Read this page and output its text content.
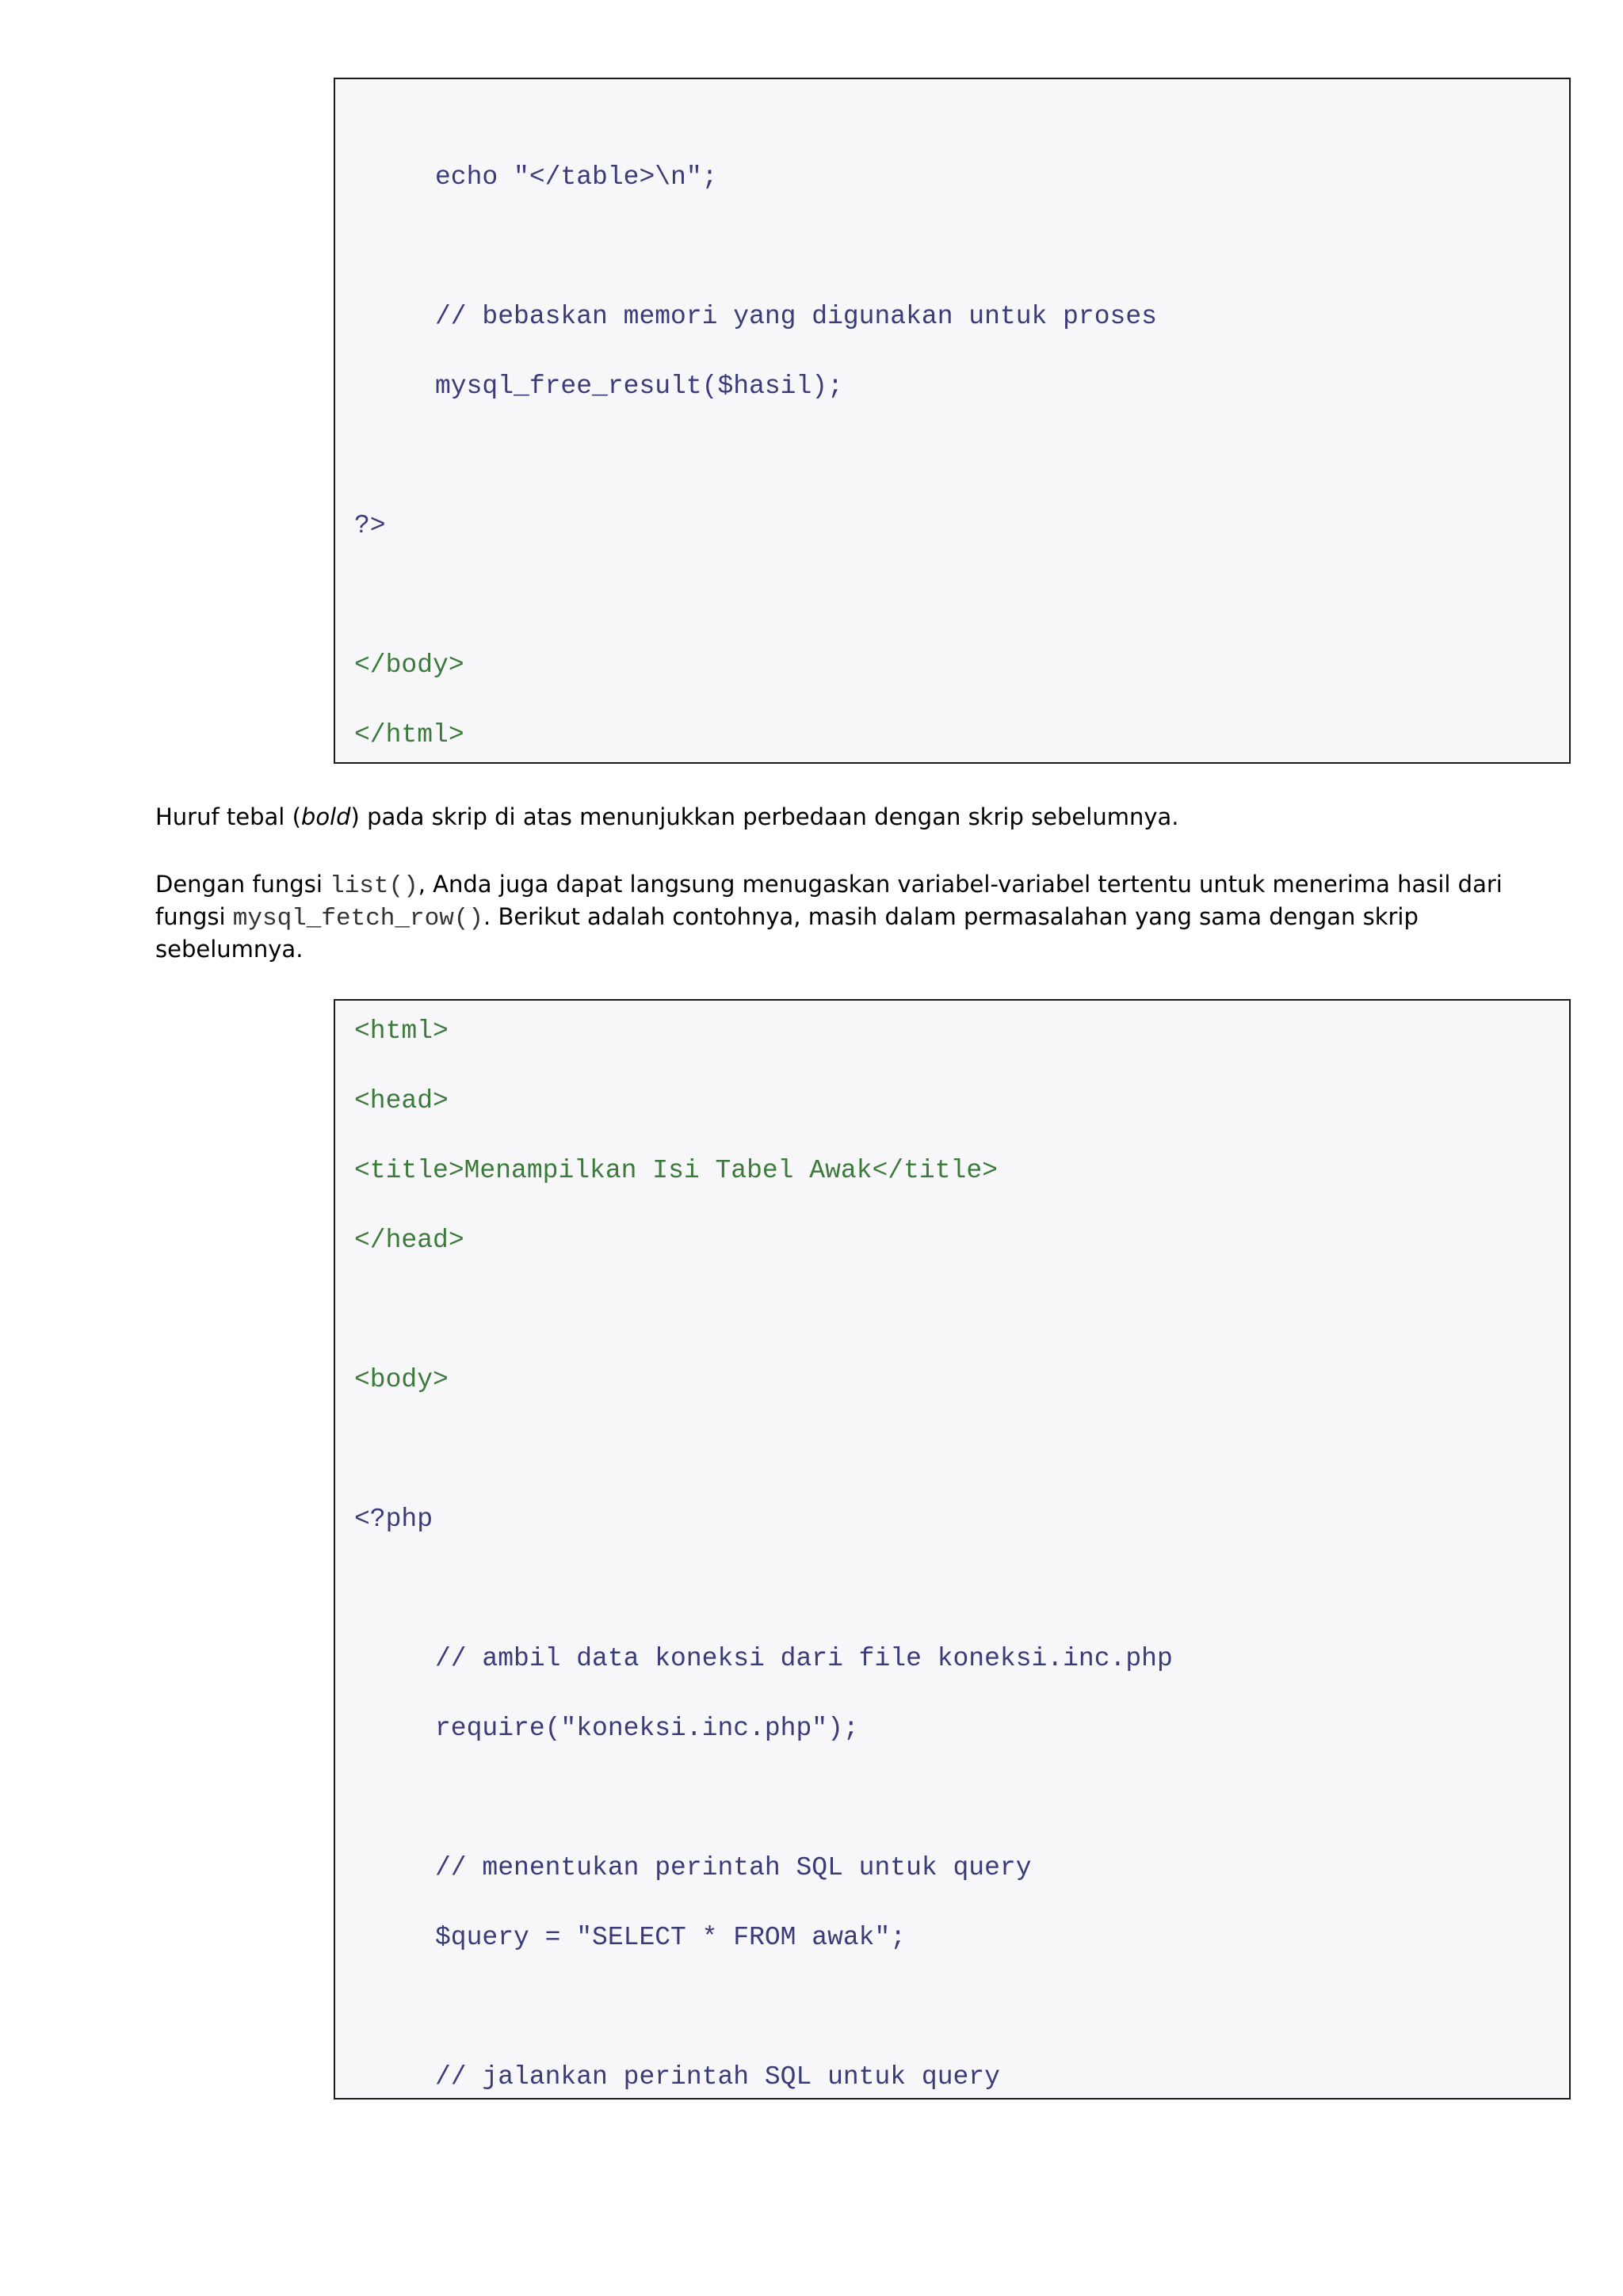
echo "</table>\n";
// bebaskan memori yang digunakan untuk proses
mysql_free_result($hasil);
?>
</body>
</html>

Huruf tebal (bold) pada skrip di atas menunjukkan perbedaan dengan skrip sebelumnya.

Dengan fungsi list(), Anda juga dapat langsung menugaskan variabel-variabel tertentu untuk menerima hasil dari fungsi mysql_fetch_row(). Berikut adalah contohnya, masih dalam permasalahan yang sama dengan skrip sebelumnya.

<html>
<head>
<title>Menampilkan Isi Tabel Awak</title>
</head>
<body>
<?php
// ambil data koneksi dari file koneksi.inc.php
require("koneksi.inc.php");
// menentukan perintah SQL untuk query
$query = "SELECT * FROM awak";
// jalankan perintah SQL untuk query
